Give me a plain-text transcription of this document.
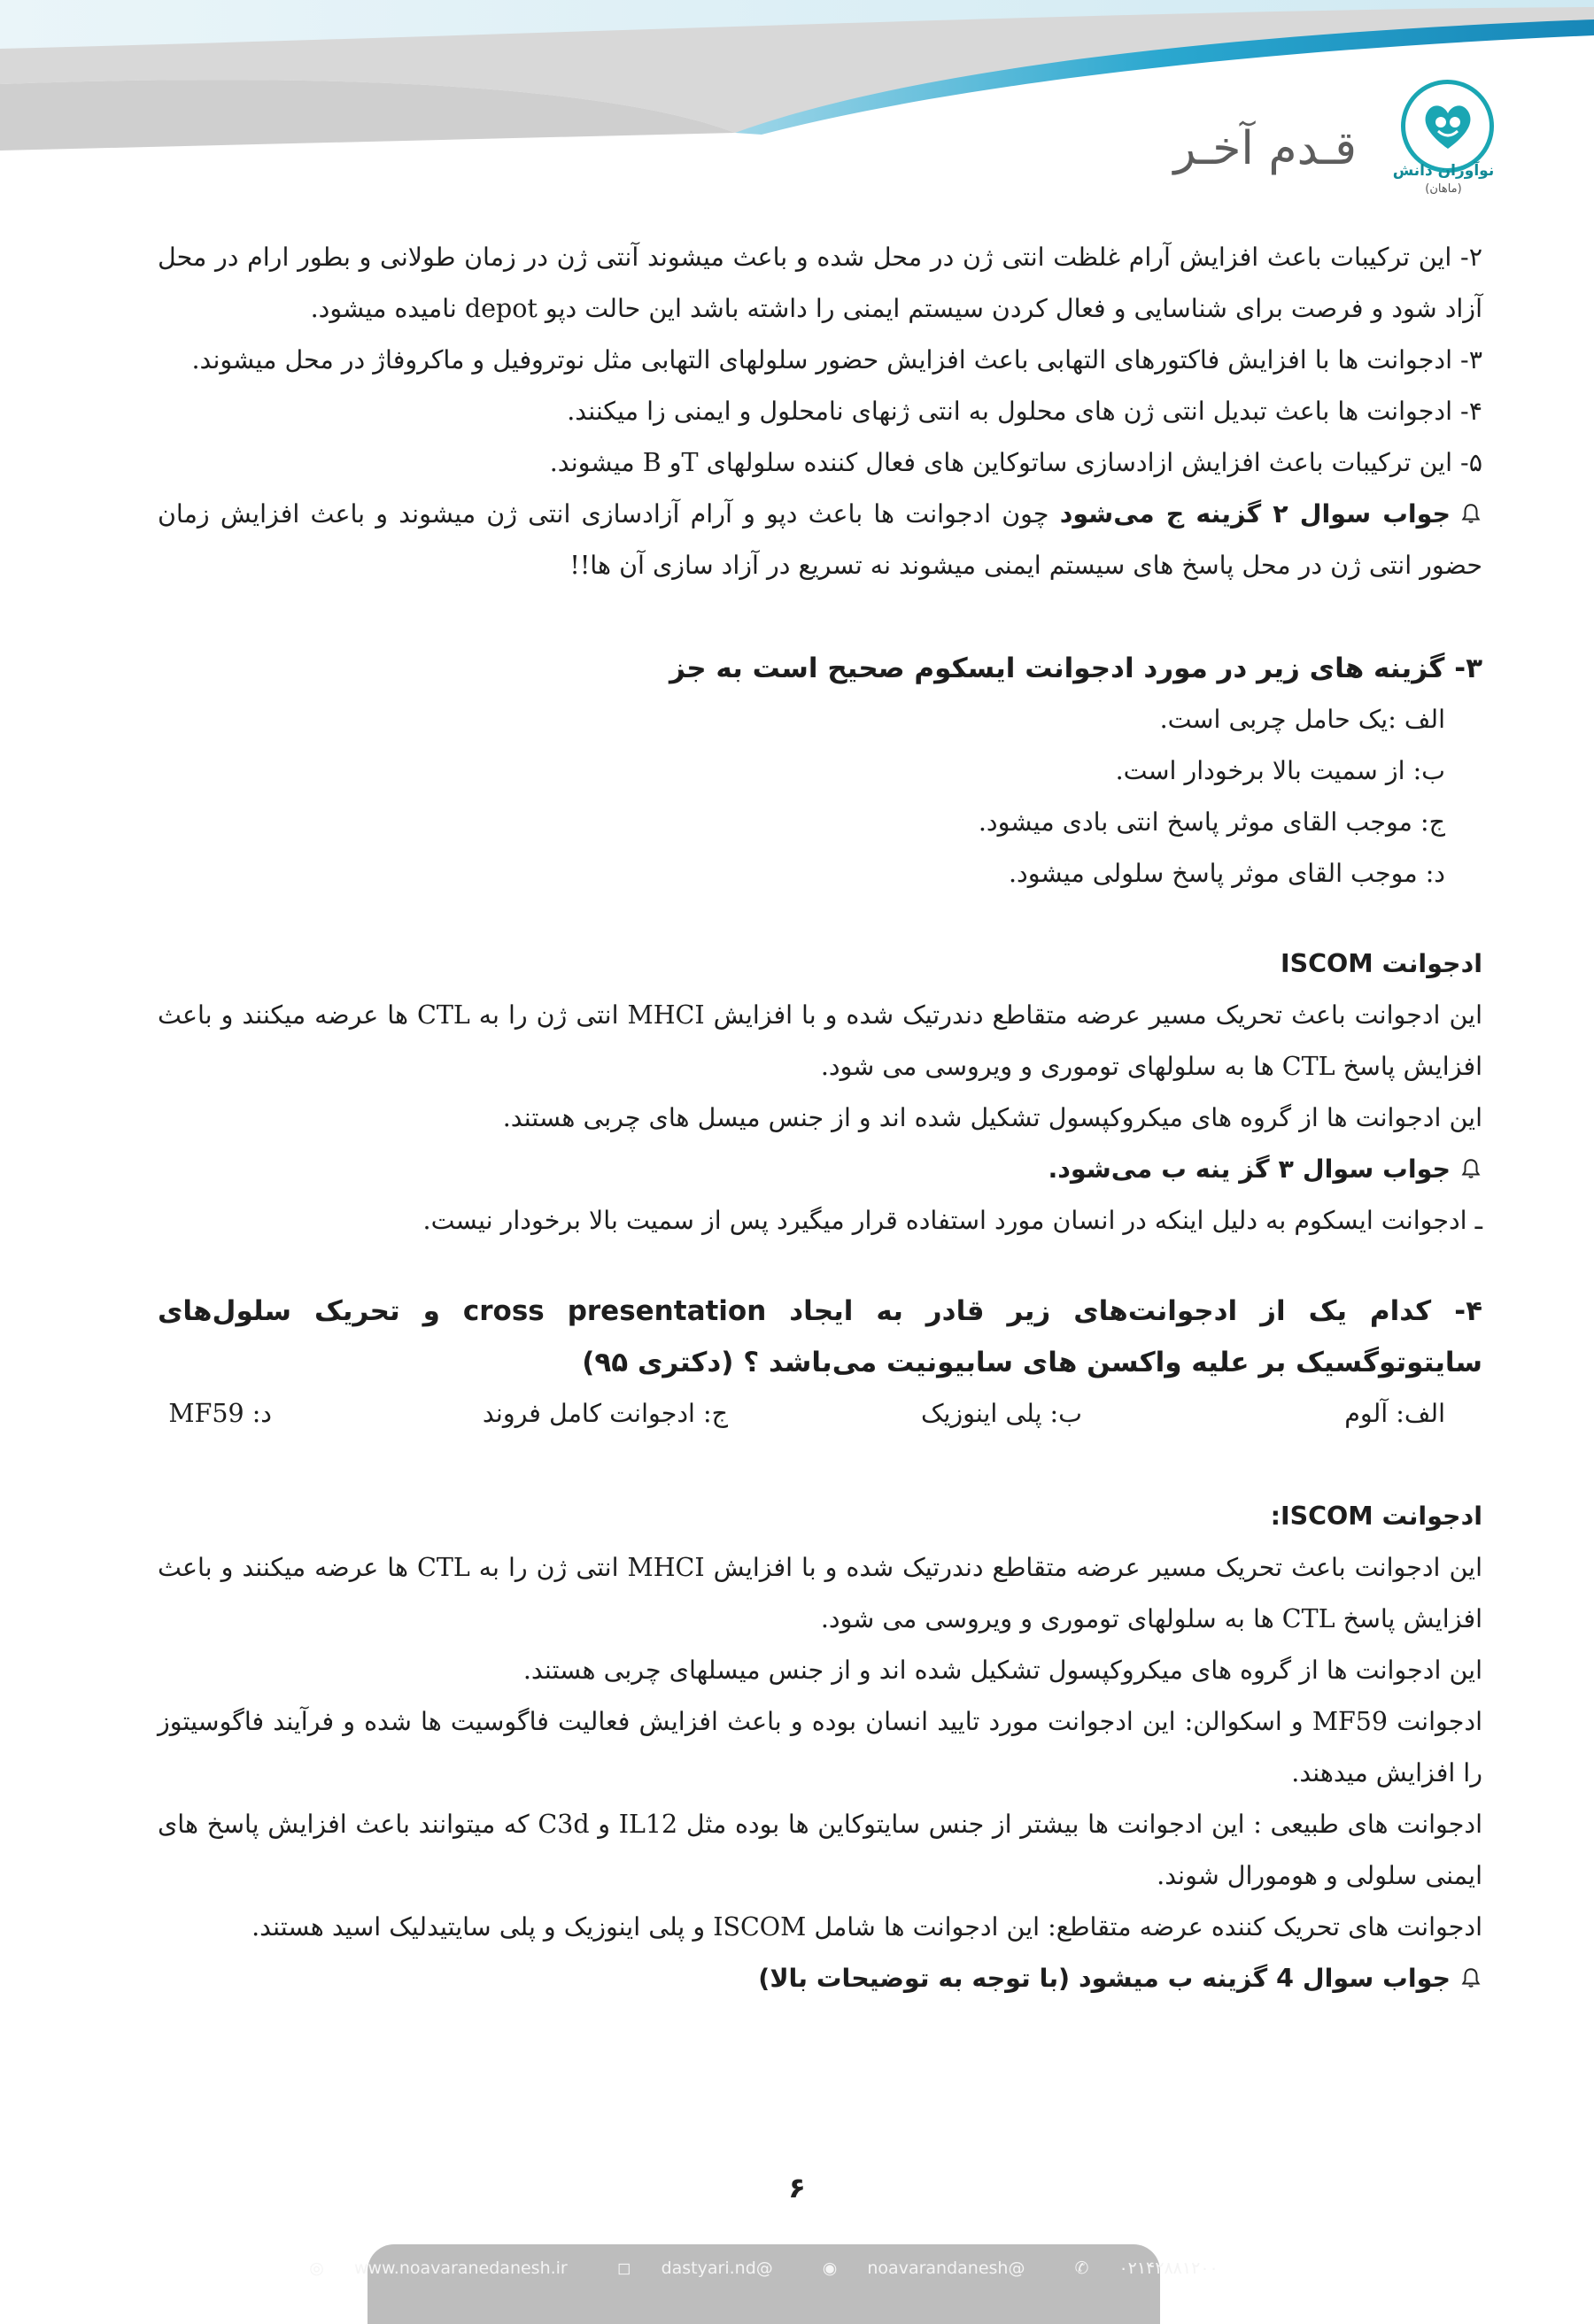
نوآوران دانش
(ماهان)
قـدم آخـر

۲- این ترکیبات باعث افزایش آرام غلظت انتی ژن در محل شده و باعث میشوند آنتی ژن در زمان طولانی و بطور ارام در محل آزاد شود و فرصت برای شناسایی و فعال کردن سیستم ایمنی را داشته باشد این حالت دپو depot نامیده میشود.

۳- ادجوانت ها با افزایش فاکتورهای التهابی باعث افزایش حضور سلولهای التهابی مثل نوتروفیل و ماکروفاژ در محل میشوند.

۴- ادجوانت ها باعث تبدیل انتی ژن های محلول به انتی ژنهای نامحلول و ایمنی زا میکنند.

۵- این ترکیبات باعث افزایش ازادسازی ساتوکاین های فعال کننده سلولهای Tو B میشوند.

جواب سوال ۲ گزینه ج می‌شود چون ادجوانت ها باعث دپو و آرام آزادسازی انتی ژن میشوند و باعث افزایش زمان حضور انتی ژن در محل پاسخ های سیستم ایمنی میشوند نه تسریع در آزاد سازی آن ها!!

۳- گزینه های زیر در مورد ادجوانت ایسکوم صحیح است به جز

الف :یک حامل چربی است.

ب: از سمیت بالا برخودار است.

ج: موجب القای موثر پاسخ انتی بادی میشود.

د: موجب القای موثر پاسخ سلولی میشود.

ادجوانت ISCOM

این ادجوانت باعث تحریک مسیر عرضه متقاطع دندرتیک شده و با افزایش MHCI انتی ژن را به CTL ها عرضه میکنند و باعث افزایش پاسخ CTL ها به سلولهای توموری و ویروسی می شود.

این ادجوانت ها از گروه های میکروکپسول تشکیل شده اند و از جنس میسل های چربی هستند.

جواب سوال ۳ گز ینه ب می‌شود.

ـ ادجوانت ایسکوم به دلیل اینکه در انسان مورد استفاده قرار میگیرد پس از سمیت بالا برخودار نیست.

۴- کدام یک از ادجوانت‌های زیر قادر به ایجاد cross presentation و تحریک سلول‌های سایتوتوگسیک بر علیه واکسن های سابیونیت می‌باشد ؟ (دکتری ۹۵)

الف: آلوم
ب: پلی اینوزیک
ج: ادجوانت کامل فروند
د: MF59

ادجوانت ISCOM:

این ادجوانت باعث تحریک مسیر عرضه متقاطع دندرتیک شده و با افزایش MHCI انتی ژن را به CTL ها عرضه میکنند و باعث افزایش پاسخ CTL ها به سلولهای توموری و ویروسی می شود.

این ادجوانت ها از گروه های میکروکپسول تشکیل شده اند و از جنس میسلهای چربی هستند.

ادجوانت MF59 و اسکوالن: این ادجوانت مورد تایید انسان بوده و باعث افزایش فعالیت فاگوسیت ها شده و فرآیند فاگوسیتوز را افزایش میدهند.

ادجوانت های طبیعی : این ادجوانت ها بیشتر از جنس سایتوکاین ها بوده مثل IL12 و C3d که میتوانند باعث افزایش پاسخ های ایمنی سلولی و هومورال شوند.

ادجوانت های تحریک کننده عرضه متقاطع: این ادجوانت ها شامل ISCOM و پلی اینوزیک و پلی سایتیدلیک اسید هستند.

جواب سوال 4 گزینه ب میشود (با توجه به توضیحات بالا)

۶
◎ www.noavaranedanesh.ir	◻ dastyari.nd@	◉ noavarandanesh@	✆ ۰۲۱۴۲۸۸۱۲۰۰
